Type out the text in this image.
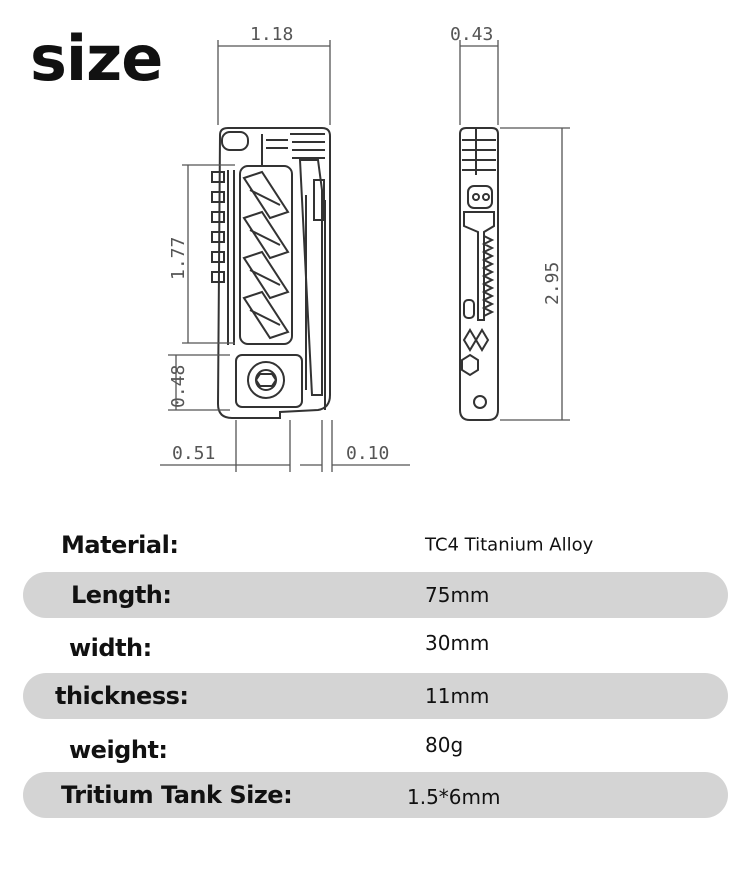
size	1.18
1.77
0.48
0.51	0.10
0.43
2.95
Material:	TC4 Titanium Alloy
Length:	75mm
width:	30mm
thickness:	11mm
weight:	80g
Tritium Tank Size:	1.5*6mm
